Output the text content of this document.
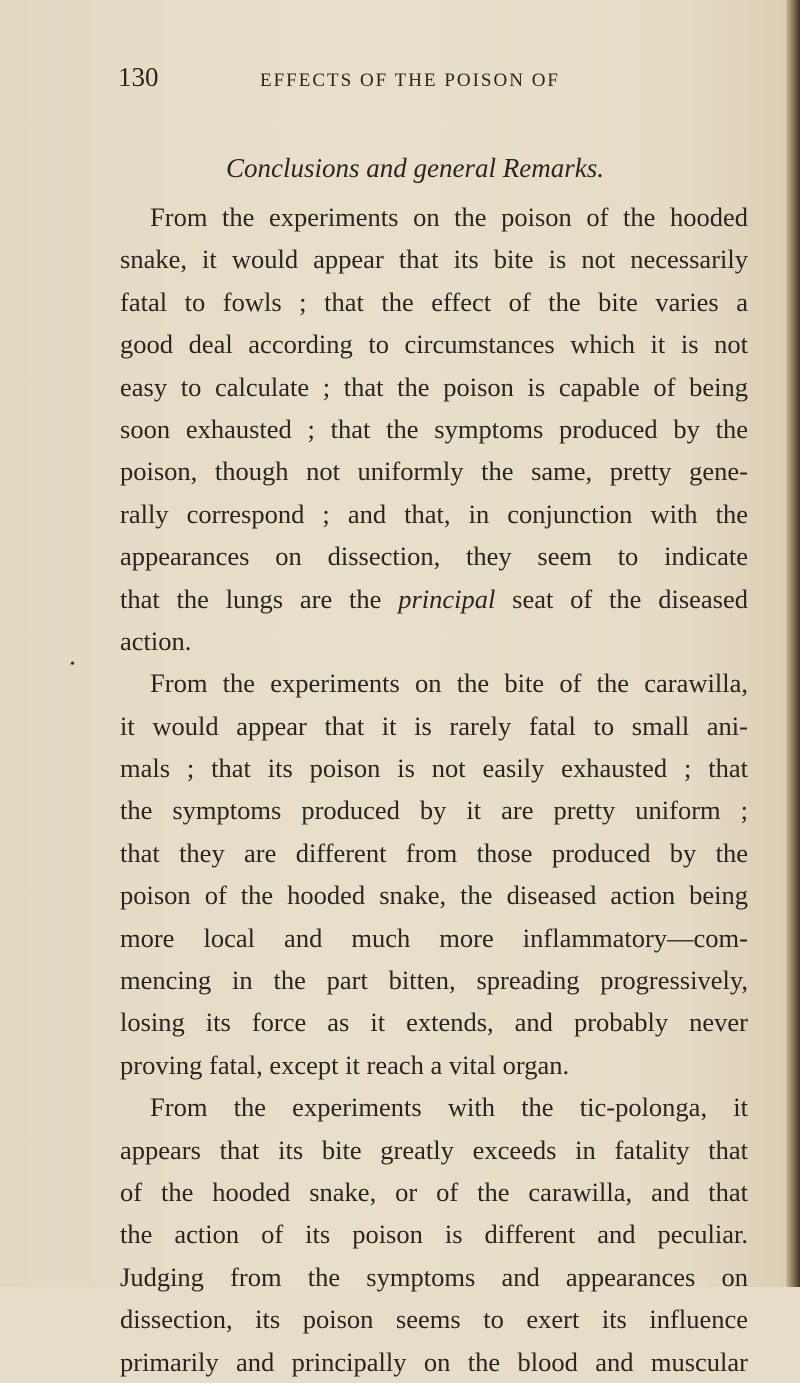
130	EFFECTS OF THE POISON OF
Conclusions and general Remarks.
•
From the experiments on the poison of the hooded
snake, it would appear that its bite is not necessarily
fatal to fowls ; that the effect of the bite varies a
good deal according to circumstances which it is not
easy to calculate ; that the poison is capable of being
soon exhausted ; that the symptoms produced by the
poison, though not uniformly the same, pretty gene-
rally correspond ; and that, in conjunction with the
appearances on dissection, they seem to indicate
that the lungs are the principal seat of the diseased
action.
From the experiments on the bite of the carawilla,
it would appear that it is rarely fatal to small ani-
mals ; that its poison is not easily exhausted ; that
the symptoms produced by it are pretty uniform ;
that they are different from those produced by the
poison of the hooded snake, the diseased action being
more local and much more inflammatory—com-
mencing in the part bitten, spreading progressively,
losing its force as it extends, and probably never
proving fatal, except it reach a vital organ.
From the experiments with the tic-polonga, it
appears that its bite greatly exceeds in fatality that
of the hooded snake, or of the carawilla, and that
the action of its poison is different and peculiar.
Judging from the symptoms and appearances on
dissection, its poison seems to exert its influence
primarily and principally on the blood and muscular
